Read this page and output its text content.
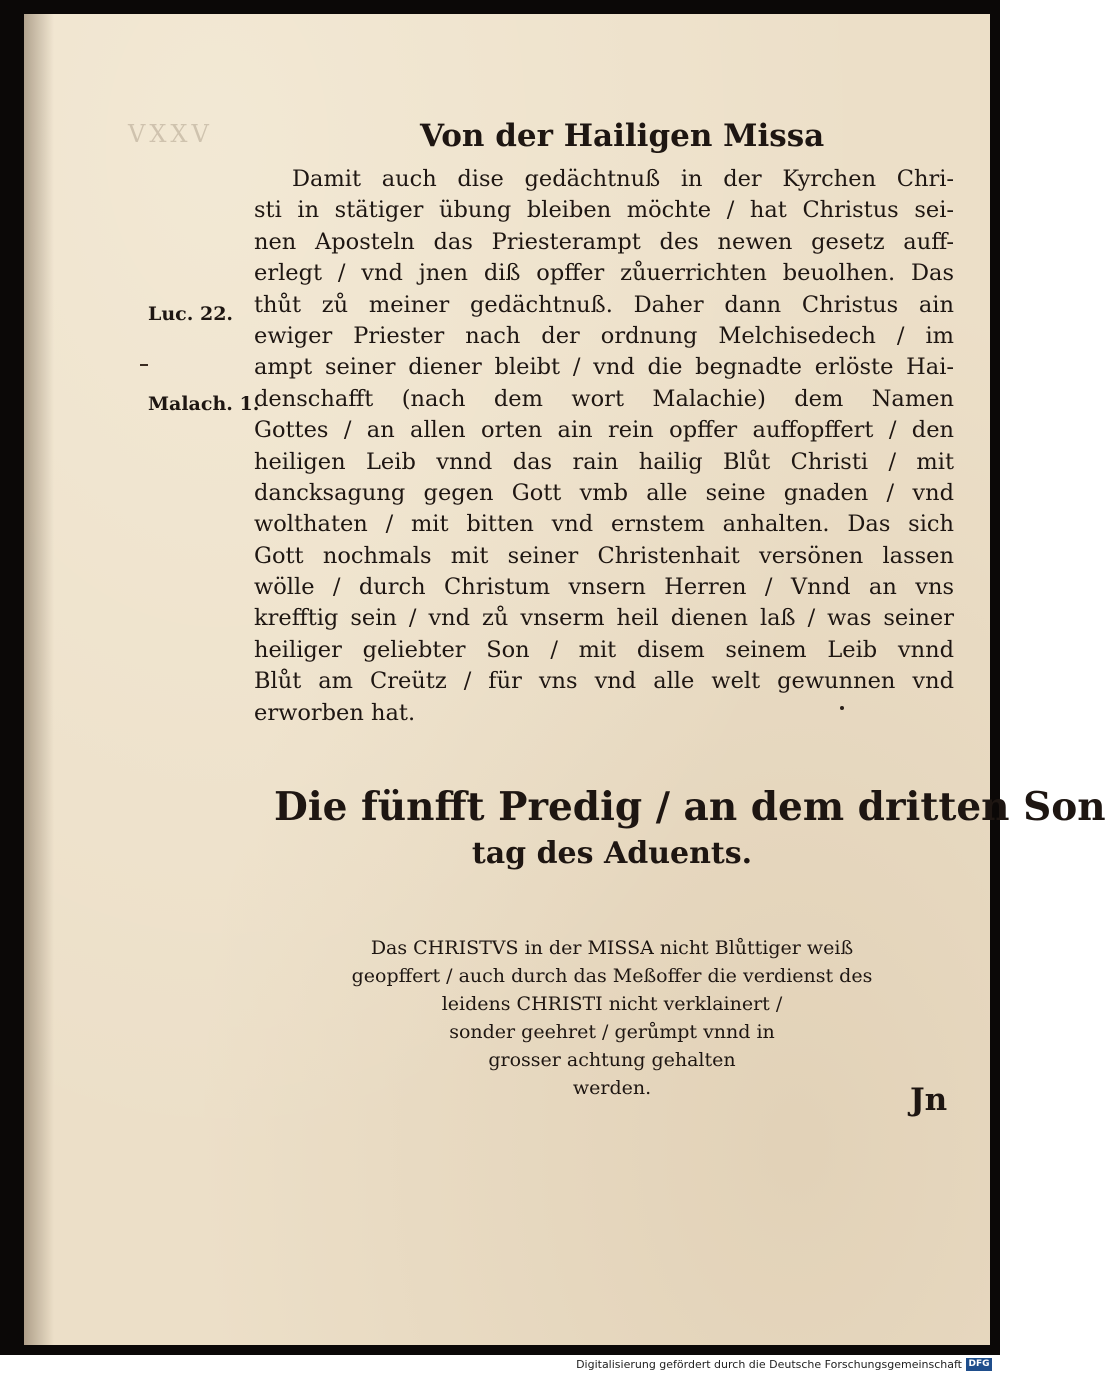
VXXV	Von der Hailigen Missa
Damit auch dise gedächtnuß in der Kyrchen Chri-
sti in stätiger übung bleiben möchte / hat Christus sei-
nen Aposteln das Priesterampt des newen gesetz auff-
erlegt / vnd jnen diß opffer zůuerrichten beuolhen. Das
thůt zů meiner gedächtnuß. Daher dann Christus ain
ewiger Priester nach der ordnung Melchisedech / im
ampt seiner diener bleibt / vnd die begnadte erlöste Hai-
denschafft (nach dem wort Malachie) dem Namen
Gottes / an allen orten ain rein opffer auffopffert / den
heiligen Leib vnnd das rain hailig Blůt Christi / mit
dancksagung gegen Gott vmb alle seine gnaden / vnd
wolthaten / mit bitten vnd ernstem anhalten. Das sich
Gott nochmals mit seiner Christenhait versönen lassen
wölle / durch Christum vnsern Herren / Vnnd an vns
krefftig sein / vnd zů vnserm heil dienen laß / was seiner
heiliger geliebter Son / mit disem seinem Leib vnnd
Blůt am Creütz / für vns vnd alle welt gewunnen vnd
erworben hat.
Luc. 22.
Malach. 1.
Die fünfft Predig / an dem dritten Son
tag des Aduents.
Das CHRISTVS in der MISSA nicht Blůttiger weiß
geopffert / auch durch das Meßoffer die verdienst des
leidens CHRISTI nicht verklainert /
sonder geehret / gerůmpt vnnd in
grosser achtung gehalten
werden.	Jn
Digitalisierung gefördert durch die Deutsche Forschungsgemeinschaft DFG
